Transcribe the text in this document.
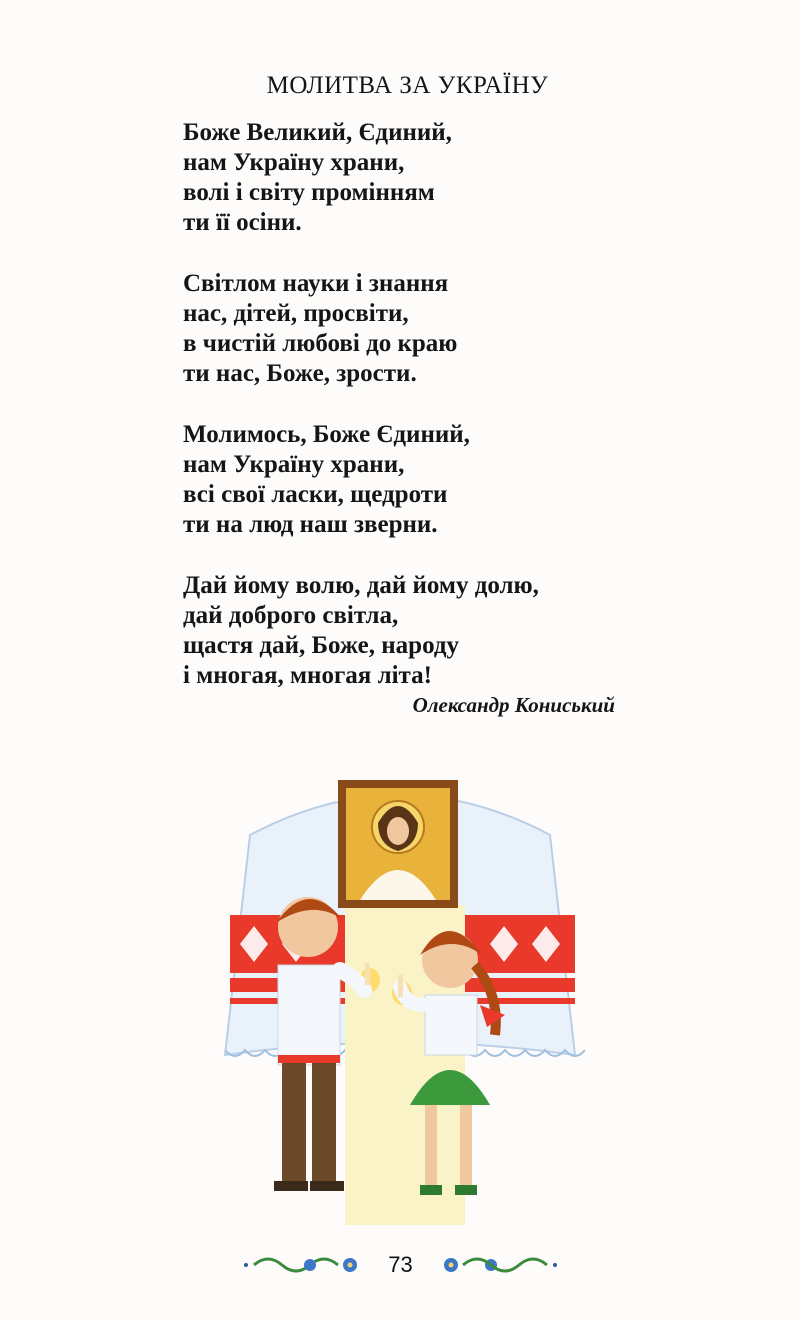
МОЛИТВА ЗА УКРАЇНУ
Боже Великий, Єдиний,
нам Україну храни,
волі і світу промінням
ти її осіни.
Світлом науки і знання
нас, дітей, просвіти,
в чистій любові до краю
ти нас, Боже, зрости.
Молимось, Боже Єдиний,
нам Україну храни,
всі свої ласки, щедроти
ти на люд наш зверни.
Дай йому волю, дай йому долю,
дай доброго світла,
щастя дай, Боже, народу
і многая, многая літа!
Олександр Кониський
73
